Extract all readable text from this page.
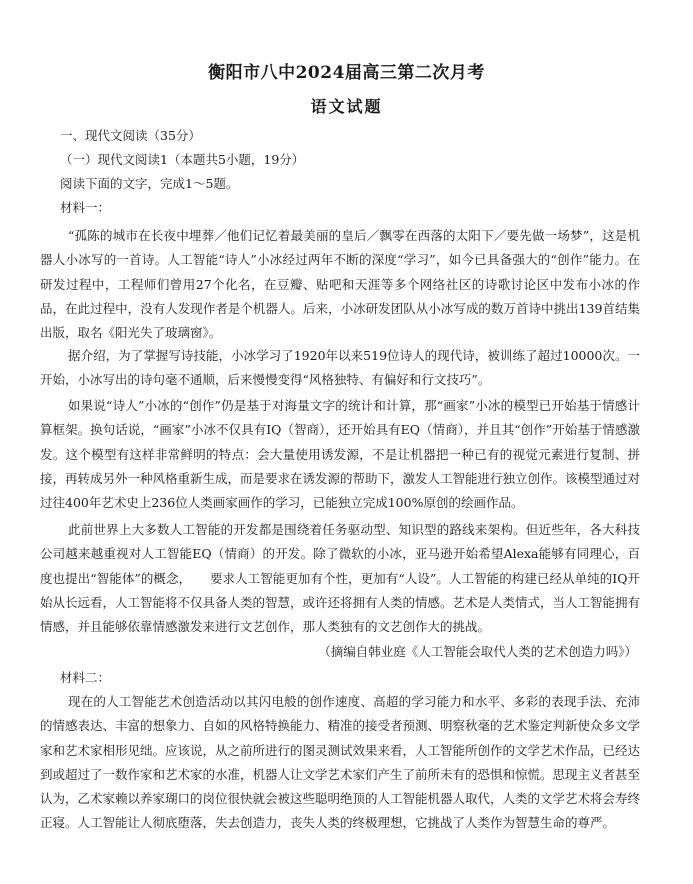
衡阳市八中2024届高三第二次月考
语文试题
一、现代文阅读（35分）
（一）现代文阅读1（本题共5小题，19分）
阅读下面的文字，完成1～5题。
材料一：

“孤陈的城市在长夜中埋葬／他们记忆着最美丽的皇后／飘零在西落的太阳下／要先做一场梦”，这是机器人小冰写的一首诗。人工智能“诗人”小冰经过两年不断的深度“学习”，如今已具备强大的“创作”能力。在研发过程中，工程师们曾用27个化名，在豆瓣、贴吧和天涯等多个网络社区的诗歌讨论区中发布小冰的作品，在此过程中，没有人发现作者是个机器人。后来，小冰研发团队从小冰写成的数万首诗中挑出139首结集出版，取名《阳光失了玻璃窗》。

据介绍，为了掌握写诗技能，小冰学习了1920年以来519位诗人的现代诗，被训练了超过10000次。一开始，小冰写出的诗句毫不通顺，后来慢慢变得“风格独特、有偏好和行文技巧”。

如果说“诗人”小冰的“创作”仍是基于对海量文字的统计和计算，那“画家”小冰的模型已开始基于情感计算框架。换句话说，“画家”小冰不仅具有IQ（智商），还开始具有EQ（情商），并且其“创作”开始基于情感激发。这个模型有这样非常鲜明的特点：会大量使用诱发源，不是让机器把一种已有的视觉元素进行复制、拼接，再转成另外一种风格重新生成，而是要求在诱发源的帮助下，激发人工智能进行独立创作。该模型通过对过往400年艺术史上236位人类画家画作的学习，已能独立完成100%原创的绘画作品。

此前世界上大多数人工智能的开发都是围绕着任务驱动型、知识型的路线来架构。但近些年，各大科技公司越来越重视对人工智能EQ（情商）的开发。除了微软的小冰，亚马逊开始希望Alexa能够有同理心，百度也提出“智能体”的概念，　　要求人工智能更加有个性，更加有“人设”。人工智能的构建已经从单纯的IQ开始从长远看，人工智能将不仅具备人类的智慧，或许还将拥有人类的情感。艺术是人类情式，当人工智能拥有情感，并且能够依靠情感激发来进行文艺创作，那人类独有的文艺创作大的挑战。

（摘编自韩业庭《人工智能会取代人类的艺术创造力吗》）
材料二：

现在的人工智能艺术创造活动以其闪电般的创作速度、高超的学习能力和水平、多彩的表现手法、充沛的情感表达、丰富的想象力、自如的风格特换能力、精准的接受者预测、明察秋毫的艺术鉴定判新使众多文学家和艺术家相形见绌。应该说，从之前所进行的图灵测试效果来看，人工智能所创作的文学艺术作品，已经达到或超过了一数作家和艺术家的水准，机器人让文学艺术家们产生了前所未有的恐惧和惊慌。思现主义者甚至认为，乙术家赖以养家瑚口的岗位很快就会被这些聪明绝顶的人工智能机器人取代，人类的文学艺术将会寿终正寝。人工智能让人彻底堕落，失去创造力，丧失人类的终极理想，它挑战了人类作为智慧生命的尊严。
